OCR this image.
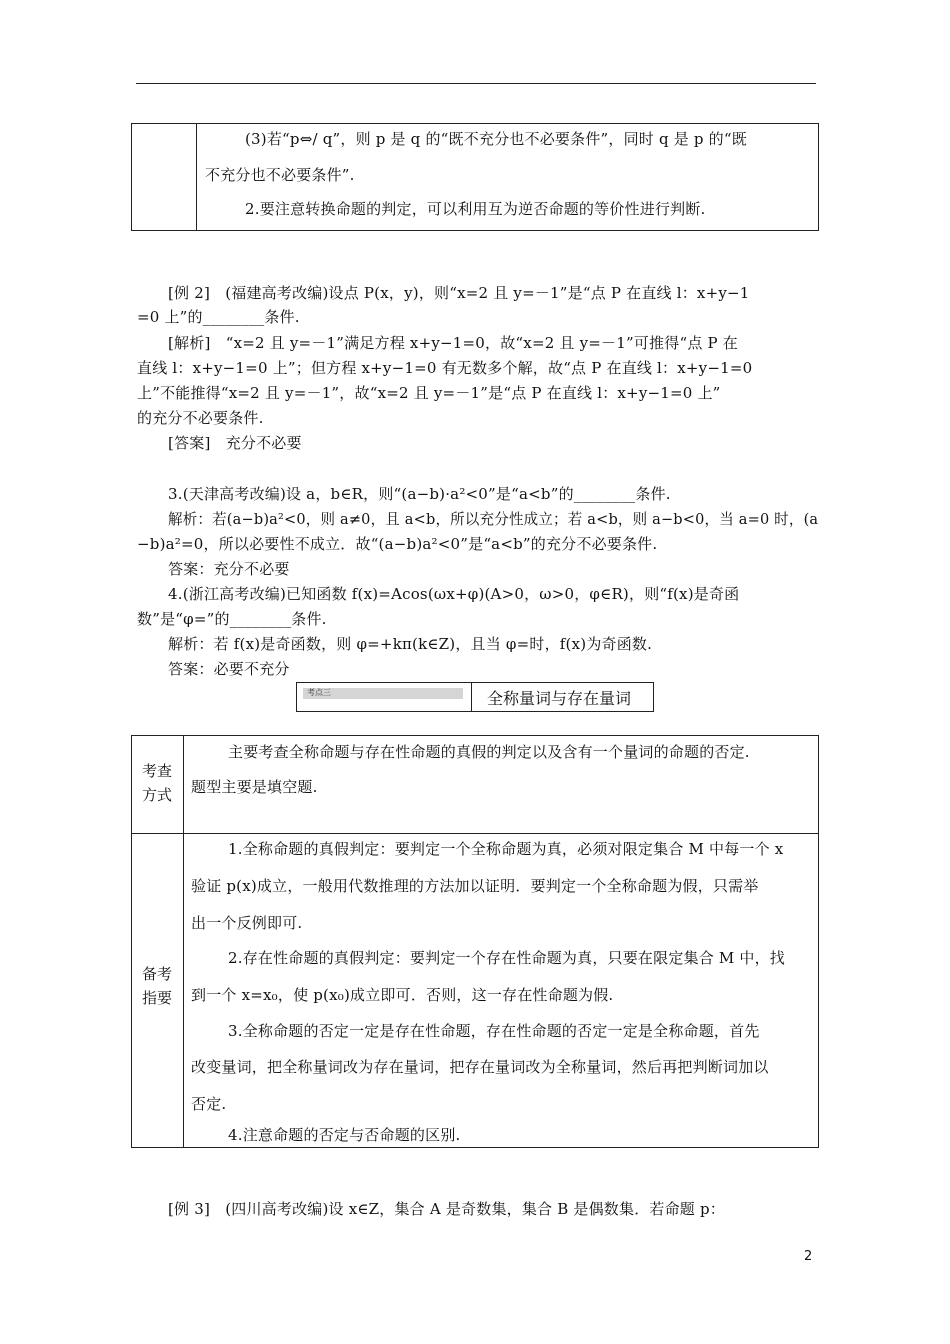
(3)若“p⇔/ q”，则 p 是 q 的“既不充分也不必要条件”，同时 q 是 p 的“既
不充分也不必要条件”.
2.要注意转换命题的判定，可以利用互为逆否命题的等价性进行判断.
[例 2]　(福建高考改编)设点 P(x，y)，则“x=2 且 y=－1”是“点 P 在直线 l：x+y−1
=0 上”的________条件.
[解析]　“x=2 且 y=－1”满足方程 x+y−1=0，故“x=2 且 y=－1”可推得“点 P 在
直线 l：x+y−1=0 上”；但方程 x+y−1=0 有无数多个解，故“点 P 在直线 l：x+y−1=0
上”不能推得“x=2 且 y=－1”，故“x=2 且 y=－1”是“点 P 在直线 l：x+y−1=0 上”
的充分不必要条件.
[答案]　充分不必要
3.(天津高考改编)设 a，b∈R，则“(a−b)·a²<0”是“a<b”的________条件.
解析：若(a−b)a²<0，则 a≠0，且 a<b，所以充分性成立；若 a<b，则 a−b<0，当 a=0 时，(a
−b)a²=0，所以必要性不成立．故“(a−b)a²<0”是“a<b”的充分不必要条件.
答案：充分不必要
4.(浙江高考改编)已知函数 f(x)=Acos(ωx+φ)(A>0，ω>0，φ∈R)，则“f(x)是奇函
数”是“φ=”的________条件.
解析：若 f(x)是奇函数，则 φ=+kπ(k∈Z)，且当 φ=时，f(x)为奇函数.
答案：必要不充分
考点三	全称量词与存在量词
考查
方式
主要考查全称命题与存在性命题的真假的判定以及含有一个量词的命题的否定.
题型主要是填空题.
备考
指要
1.全称命题的真假判定：要判定一个全称命题为真，必须对限定集合 M 中每一个 x
验证 p(x)成立，一般用代数推理的方法加以证明．要判定一个全称命题为假，只需举
出一个反例即可.
2.存在性命题的真假判定：要判定一个存在性命题为真，只要在限定集合 M 中，找
到一个 x=x₀，使 p(x₀)成立即可．否则，这一存在性命题为假.
3.全称命题的否定一定是存在性命题，存在性命题的否定一定是全称命题，首先
改变量词，把全称量词改为存在量词，把存在量词改为全称量词，然后再把判断词加以
否定.
4.注意命题的否定与否命题的区别.
[例 3]　(四川高考改编)设 x∈Z，集合 A 是奇数集，集合 B 是偶数集．若命题 p：
2
